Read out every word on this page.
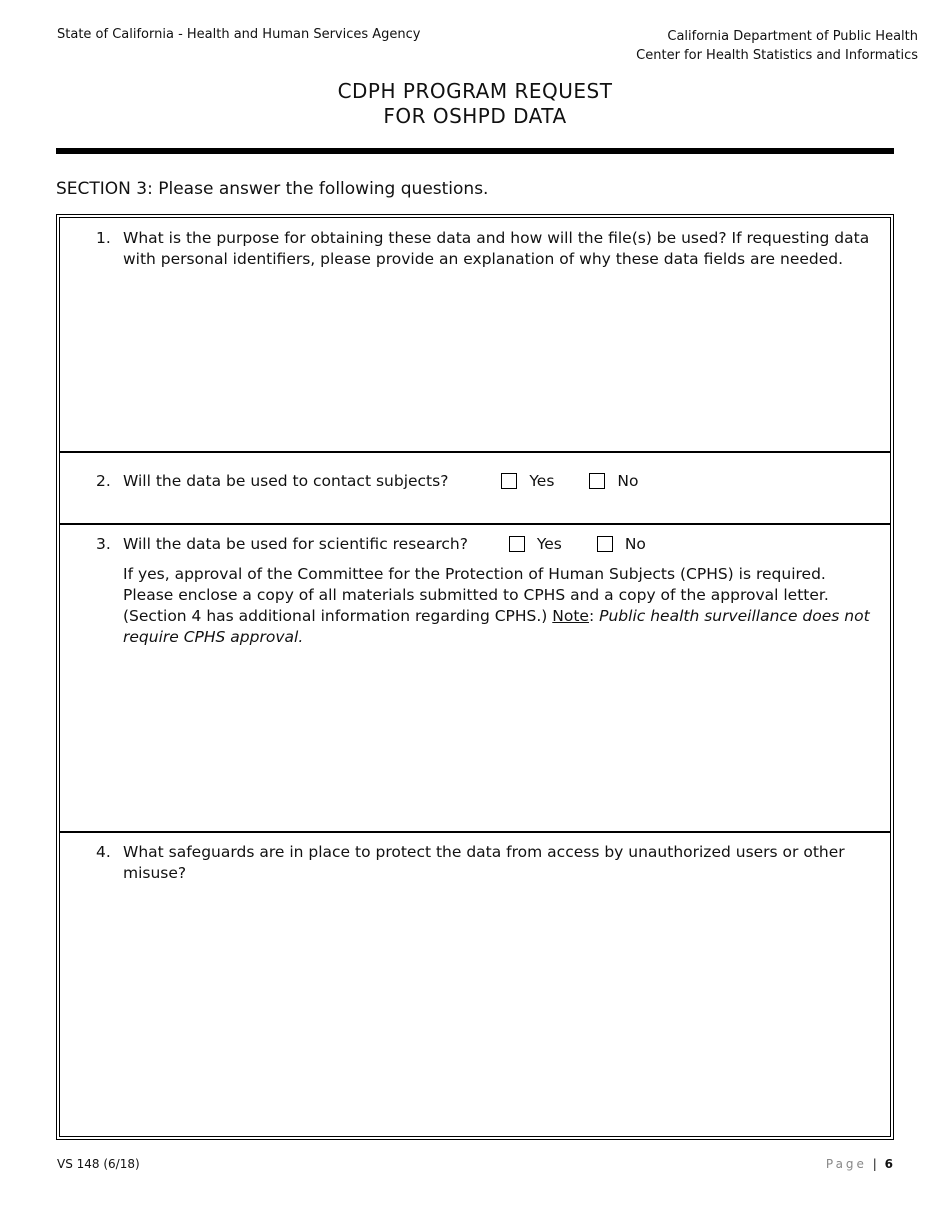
State of California - Health and Human Services Agency	California Department of Public Health
Center for Health Statistics and Informatics
CDPH PROGRAM REQUEST
FOR OSHPD DATA
SECTION 3: Please answer the following questions.
1. What is the purpose for obtaining these data and how will the file(s) be used? If requesting data with personal identifiers, please provide an explanation of why these data fields are needed.
2. Will the data be used to contact subjects?	Yes	No
3. Will the data be used for scientific research?	Yes	No
If yes, approval of the Committee for the Protection of Human Subjects (CPHS) is required. Please enclose a copy of all materials submitted to CPHS and a copy of the approval letter. (Section 4 has additional information regarding CPHS.) Note: Public health surveillance does not require CPHS approval.
4. What safeguards are in place to protect the data from access by unauthorized users or other misuse?
VS 148 (6/18)	Page | 6
